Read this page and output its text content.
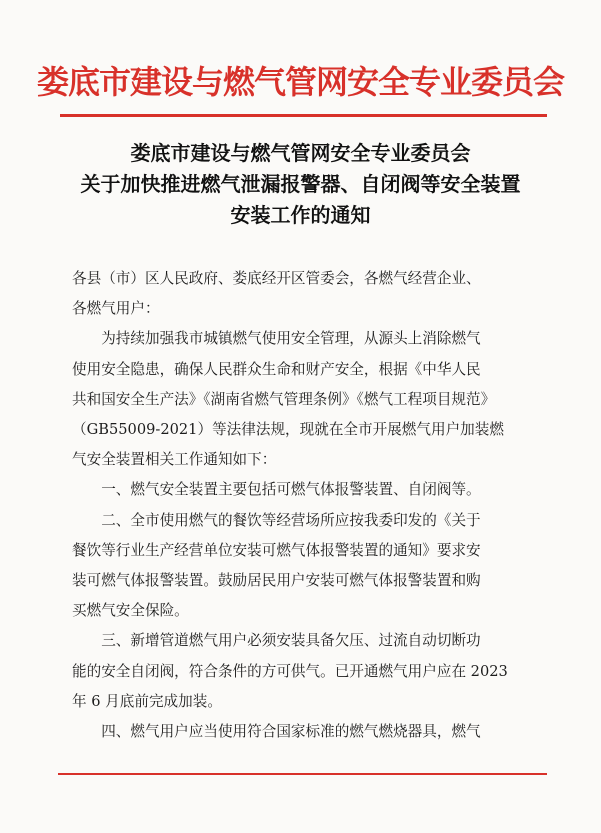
娄底市建设与燃气管网安全专业委员会
娄底市建设与燃气管网安全专业委员会
关于加快推进燃气泄漏报警器、自闭阀等安全装置
安装工作的通知

各县（市）区人民政府、娄底经开区管委会，各燃气经营企业、
各燃气用户：

为持续加强我市城镇燃气使用安全管理，从源头上消除燃气
使用安全隐患，确保人民群众生命和财产安全，根据《中华人民
共和国安全生产法》《湖南省燃气管理条例》《燃气工程项目规范》
（GB55009-2021）等法律法规，现就在全市开展燃气用户加装燃
气安全装置相关工作通知如下：

一、燃气安全装置主要包括可燃气体报警装置、自闭阀等。

二、全市使用燃气的餐饮等经营场所应按我委印发的《关于
餐饮等行业生产经营单位安装可燃气体报警装置的通知》要求安
装可燃气体报警装置。鼓励居民用户安装可燃气体报警装置和购
买燃气安全保险。

三、新增管道燃气用户必须安装具备欠压、过流自动切断功
能的安全自闭阀，符合条件的方可供气。已开通燃气用户应在 2023
年 6 月底前完成加装。

四、燃气用户应当使用符合国家标准的燃气燃烧器具，燃气
